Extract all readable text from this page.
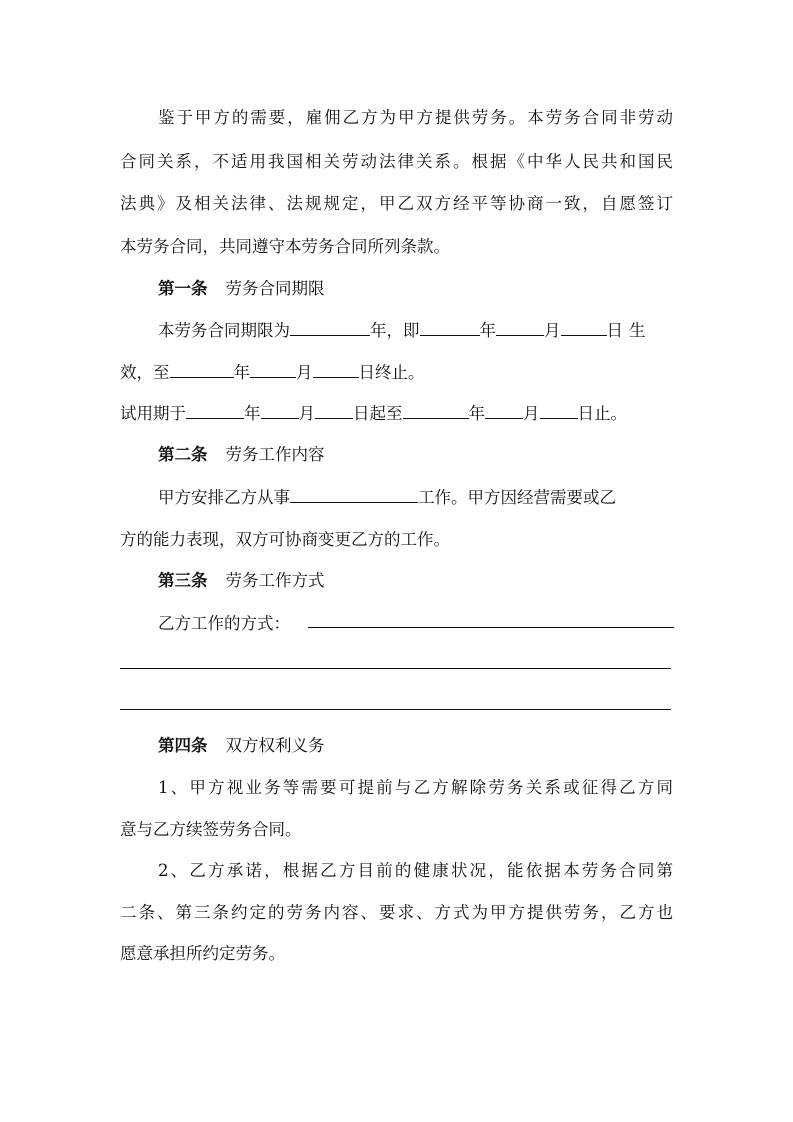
鉴于甲方的需要，雇佣乙方为甲方提供劳务。本劳务合同非劳动
合同关系，不适用我国相关劳动法律关系。根据《中华人民共和国民
法典》及相关法律、法规规定，甲乙双方经平等协商一致，自愿签订
本劳务合同，共同遵守本劳务合同所列条款。
第一条 劳务合同期限
本劳务合同期限为	年，即	年	月	日生
效，至	年	月	日终止。
试用期于	年 月 日起至	年 月 日止。
第二条 劳务工作内容
甲方安排乙方从事	工作。甲方因经营需要或乙
方的能力表现，双方可协商变更乙方的工作。
第三条 劳务工作方式
乙方工作的方式：
第四条 双方权利义务
1、甲方视业务等需要可提前与乙方解除劳务关系或征得乙方同
意与乙方续签劳务合同。
2、乙方承诺，根据乙方目前的健康状况，能依据本劳务合同第
二条、第三条约定的劳务内容、要求、方式为甲方提供劳务，乙方也
愿意承担所约定劳务。
